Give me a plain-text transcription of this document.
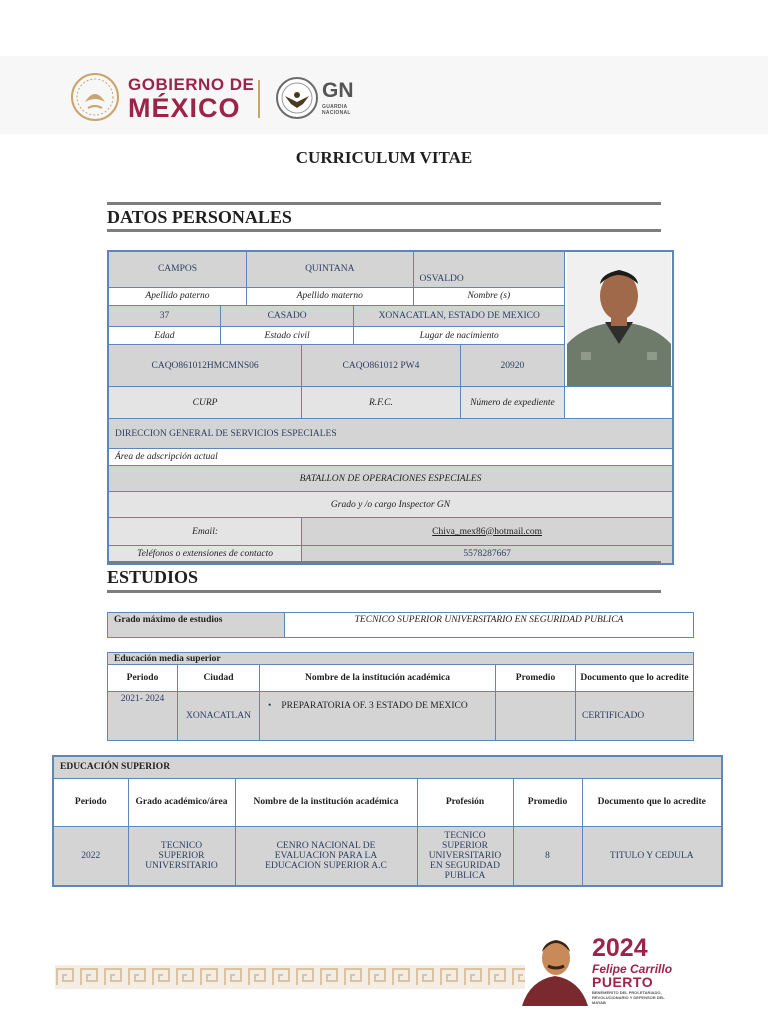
GOBIERNO DE
MÉXICO
GN
GUARDIA
NACIONAL
CURRICULUM VITAE
DATOS PERSONALES
CAMPOS		QUINTANA			OSVALDO	

Apellido paterno		Apellido materno			Nombre (s)		
37	CASADO			XONACATLAN, ESTADO DE MEXICO			
Edad	Estado civil			Lugar de nacimiento			
CAQO861012HMCMNS06			CAQO861012 PW4			20920	
CURP			R.F.C.			Número de expediente	
DIRECCION GENERAL DE SERVICIOS ESPECIALES							
Área de adscripción actual							
BATALLON DE OPERACIONES ESPECIALES							
Grado y /o cargo Inspector GN							
Email:			Chiva_mex86@hotmail.com				
Teléfonos o extensiones de contacto			5578287667				
ESTUDIOS
Grado máximo de estudios	TECNICO SUPERIOR UNIVERSITARIO EN SEGURIDAD PUBLICA
Educación media superior				
Periodo	Ciudad	Nombre de la institución académica	Promedio	Documento que lo acredite
2021- 2024	XONACATLAN	• PREPARATORIA OF. 3 ESTADO DE MEXICO		CERTIFICADO
EDUCACIÓN SUPERIOR					
Periodo	Grado académico/área	Nombre de la institución académica	Profesión	Promedio	Documento que lo acredite
2022	TECNICO SUPERIOR UNIVERSITARIO	CENRO NACIONAL DE EVALUACION PARA LA EDUCACION SUPERIOR A.C	TECNICO SUPERIOR UNIVERSITARIO EN SEGURIDAD PUBLICA	8	TITULO Y CEDULA
2024
Felipe Carrillo
PUERTO
BENEMÉRITO DEL PROLETARIADO, REVOLUCIONARIO Y DEFENSOR DEL MAYAB
